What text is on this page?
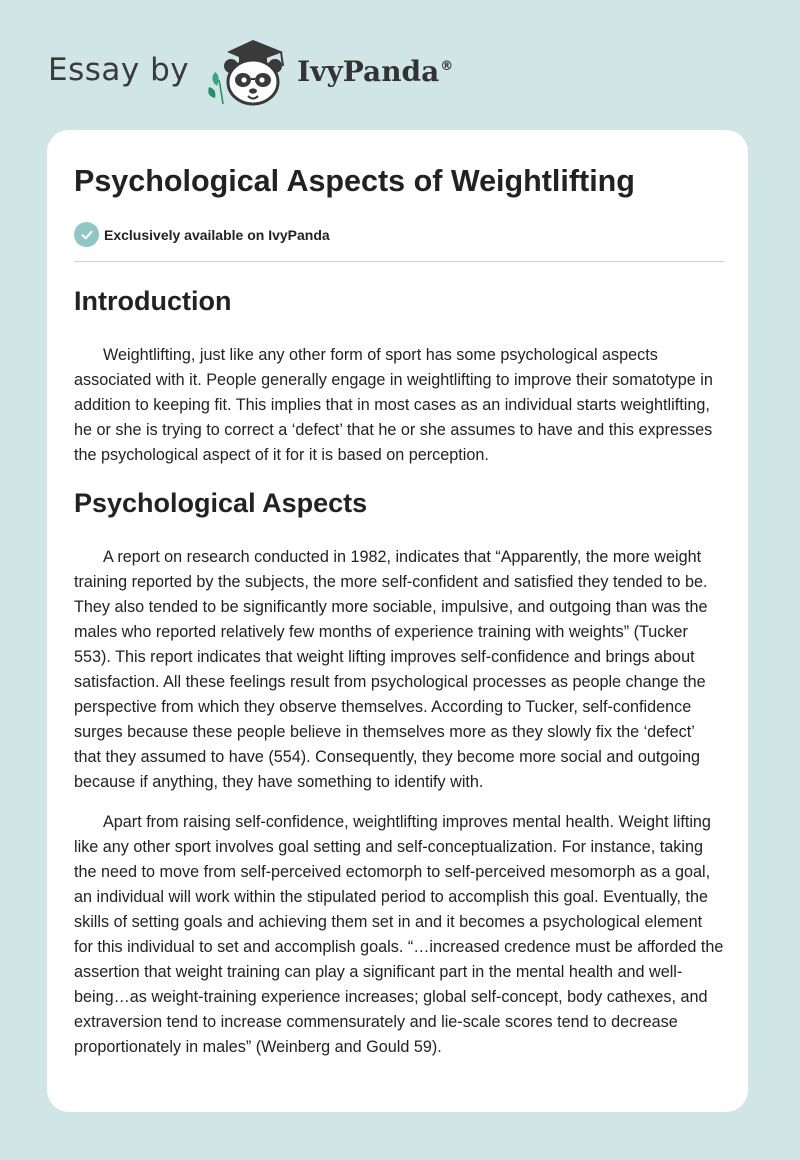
Essay by	IvyPanda®
Psychological Aspects of Weightlifting
Exclusively available on IvyPanda
Introduction

Weightlifting, just like any other form of sport has some psychological aspects associated with it. People generally engage in weightlifting to improve their somatotype in addition to keeping fit. This implies that in most cases as an individual starts weightlifting, he or she is trying to correct a ‘defect’ that he or she assumes to have and this expresses the psychological aspect of it for it is based on perception.

Psychological Aspects

A report on research conducted in 1982, indicates that “Apparently, the more weight training reported by the subjects, the more self-confident and satisfied they tended to be. They also tended to be significantly more sociable, impulsive, and outgoing than was the males who reported relatively few months of experience training with weights” (Tucker 553). This report indicates that weight lifting improves self-confidence and brings about satisfaction. All these feelings result from psychological processes as people change the perspective from which they observe themselves. According to Tucker, self-confidence surges because these people believe in themselves more as they slowly fix the ‘defect’ that they assumed to have (554). Consequently, they become more social and outgoing because if anything, they have something to identify with.

Apart from raising self-confidence, weightlifting improves mental health. Weight lifting like any other sport involves goal setting and self-conceptualization. For instance, taking the need to move from self-perceived ectomorph to self-perceived mesomorph as a goal, an individual will work within the stipulated period to accomplish this goal. Eventually, the skills of setting goals and achieving them set in and it becomes a psychological element for this individual to set and accomplish goals. “…increased credence must be afforded the assertion that weight training can play a significant part in the mental health and well-being…as weight-training experience increases; global self-concept, body cathexes, and extraversion tend to increase commensurately and lie-scale scores tend to decrease proportionately in males” (Weinberg and Gould 59).
